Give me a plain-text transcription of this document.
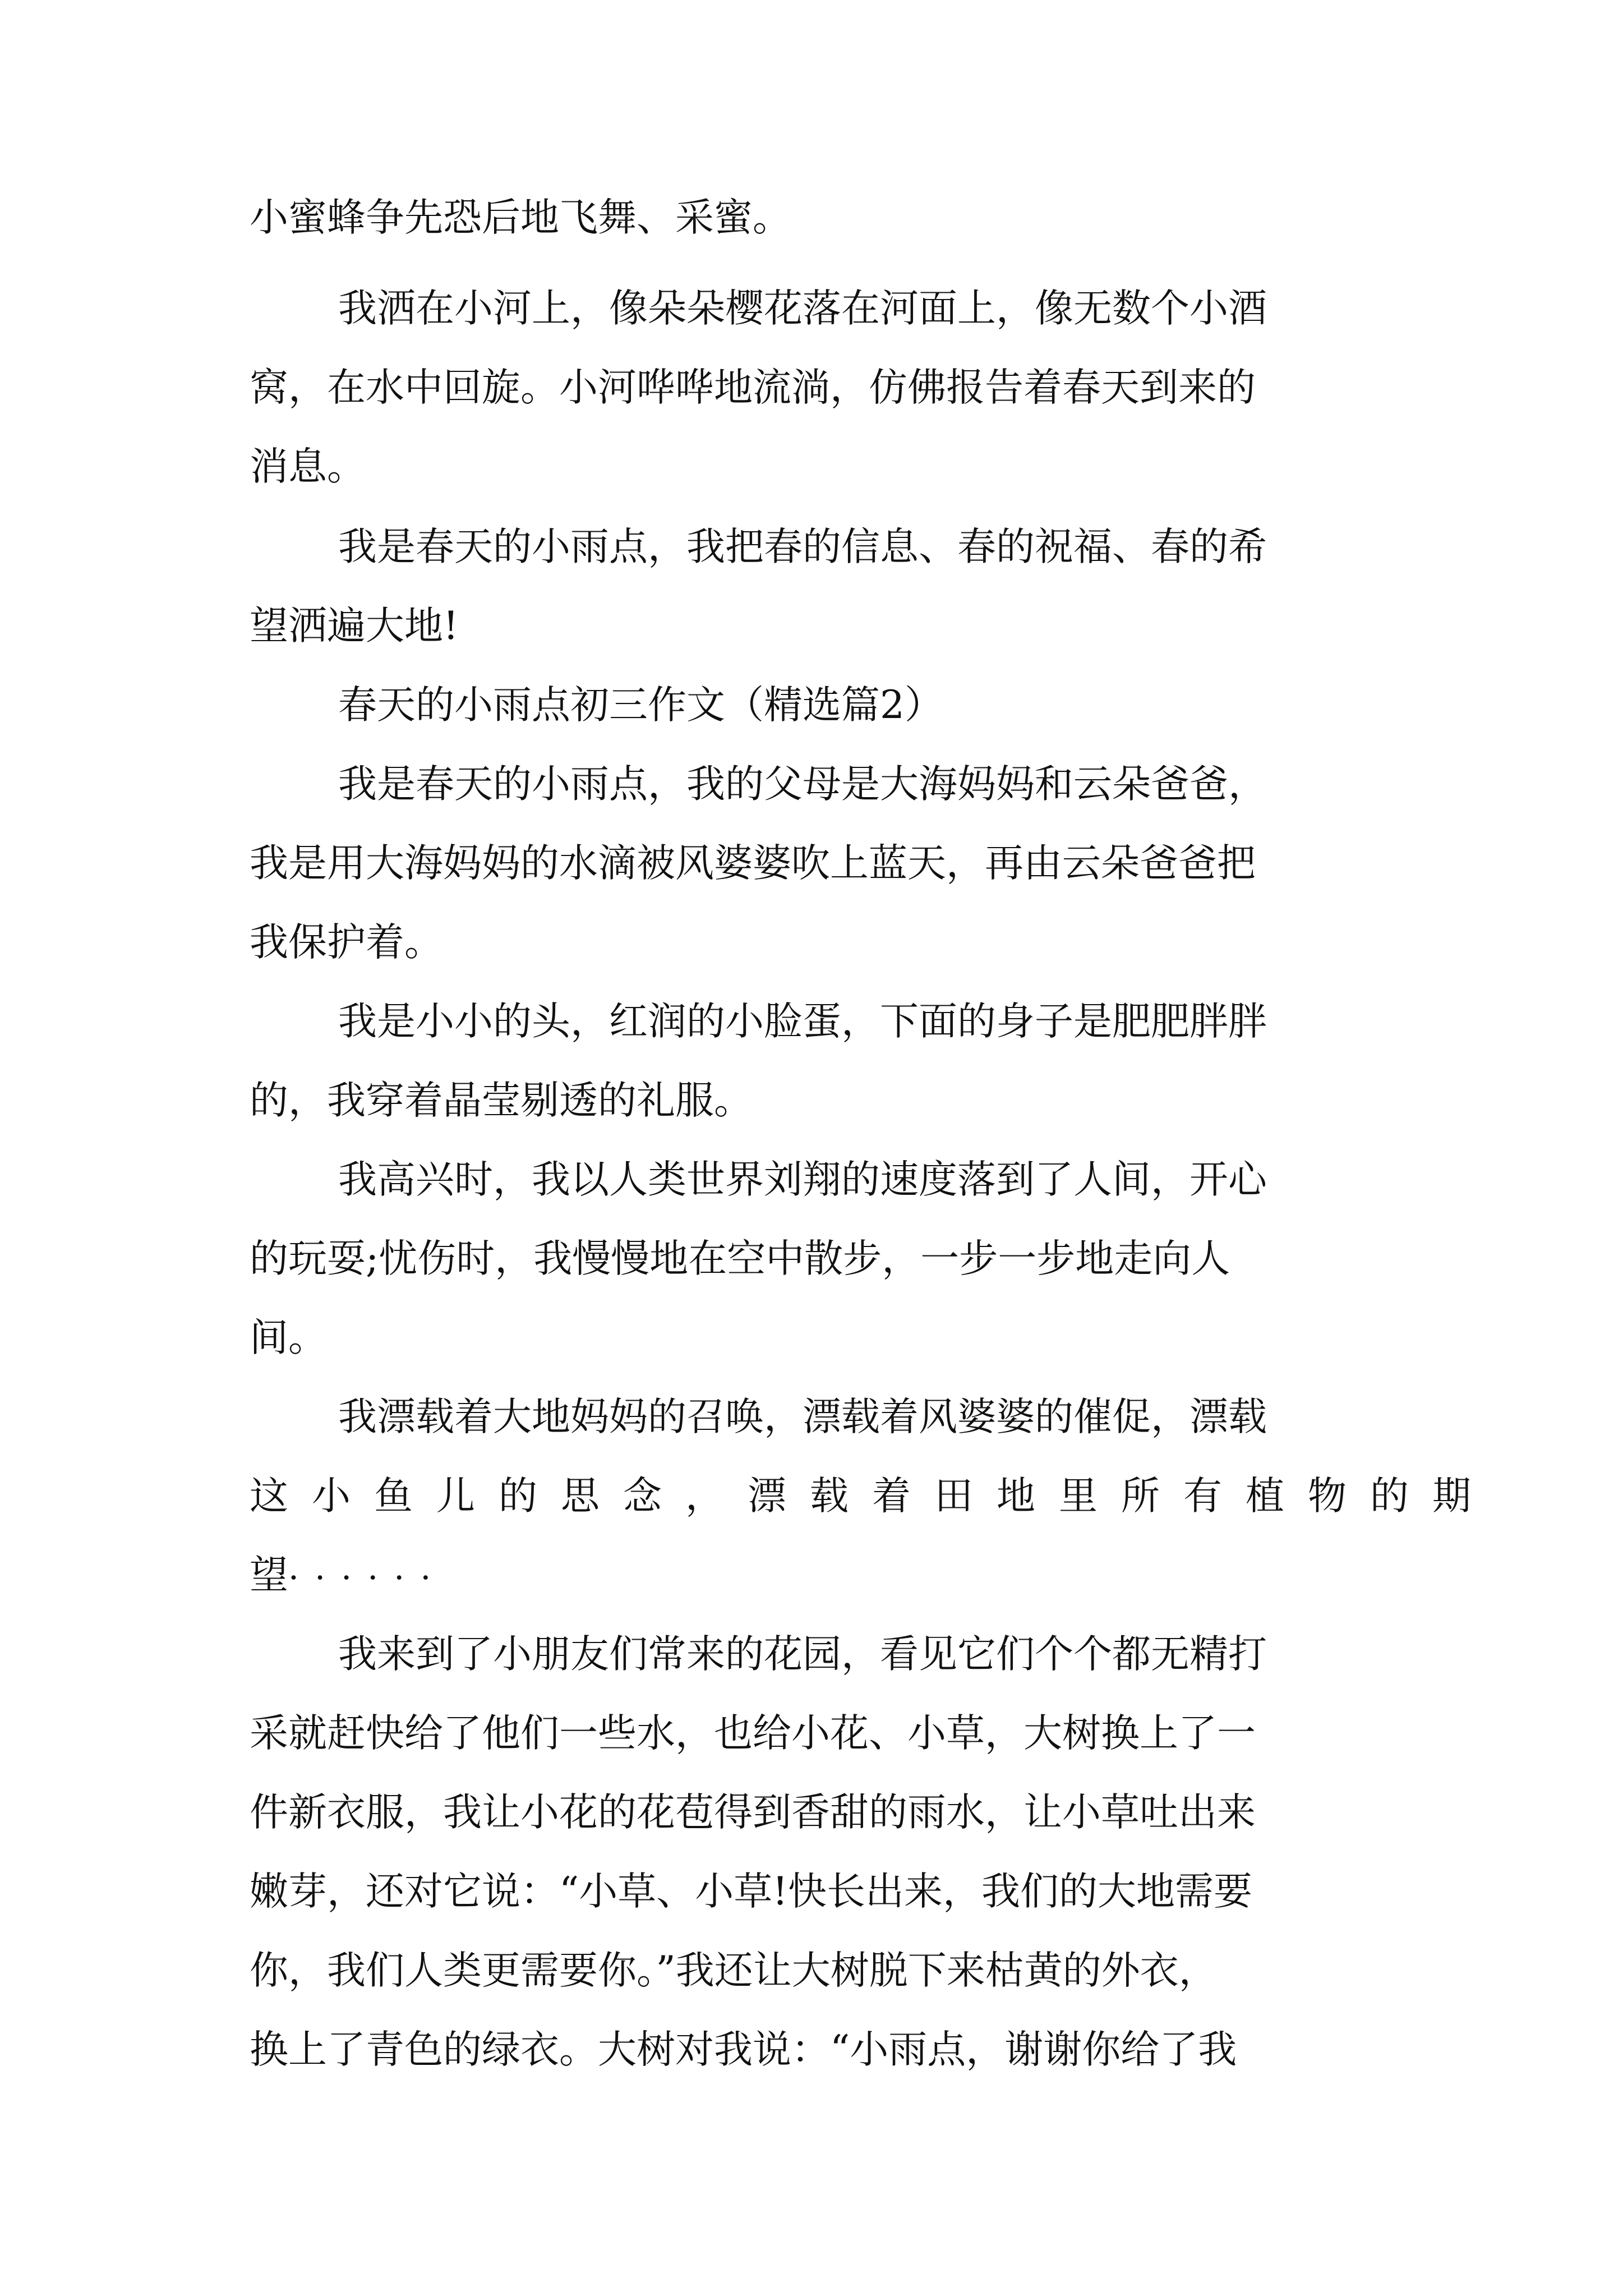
小蜜蜂争先恐后地飞舞、采蜜。
我洒在小河上，像朵朵樱花落在河面上，像无数个小酒
窝，在水中回旋。小河哗哗地流淌，仿佛报告着春天到来的
消息。
我是春天的小雨点，我把春的信息、春的祝福、春的希
望洒遍大地!
春天的小雨点初三作文（精选篇2）
我是春天的小雨点，我的父母是大海妈妈和云朵爸爸，
我是用大海妈妈的水滴被风婆婆吹上蓝天，再由云朵爸爸把
我保护着。
我是小小的头，红润的小脸蛋，下面的身子是肥肥胖胖
的，我穿着晶莹剔透的礼服。
我高兴时，我以人类世界刘翔的速度落到了人间，开心
的玩耍;忧伤时，我慢慢地在空中散步，一步一步地走向人
间。
我漂载着大地妈妈的召唤，漂载着风婆婆的催促，漂载
这小鱼儿的思念，漂载着田地里所有植物的期
望······
我来到了小朋友们常来的花园，看见它们个个都无精打
采就赶快给了他们一些水，也给小花、小草，大树换上了一
件新衣服，我让小花的花苞得到香甜的雨水，让小草吐出来
嫩芽，还对它说：“小草、小草!快长出来，我们的大地需要
你，我们人类更需要你。”我还让大树脱下来枯黄的外衣，
换上了青色的绿衣。大树对我说：“小雨点，谢谢你给了我
